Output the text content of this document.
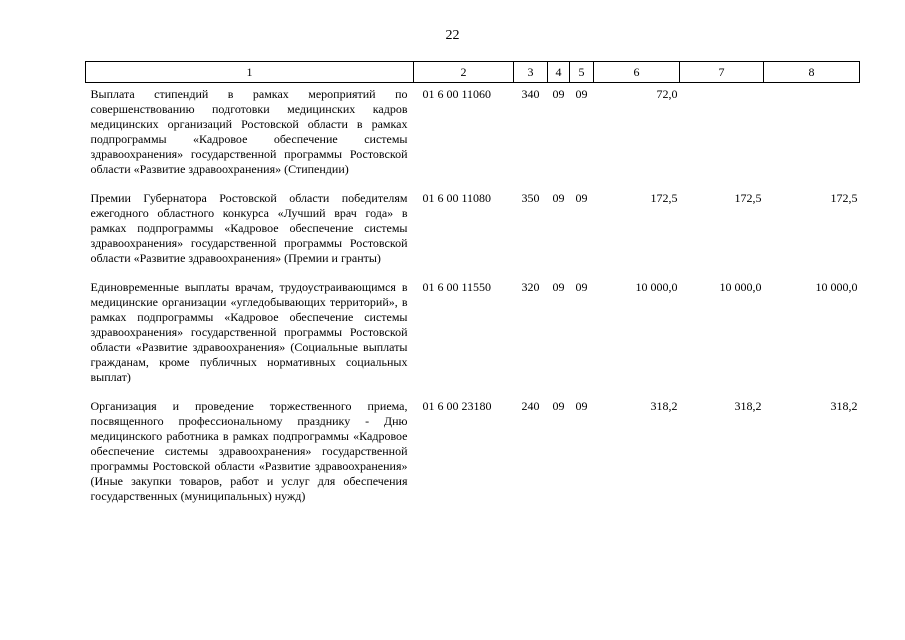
22
1	2	3	4	5	6	7	8
Выплата стипендий в рамках мероприятий по совершенствованию подготовки медицинских кадров медицинских организаций Ростовской области в рамках подпрограммы «Кадровое обеспечение системы здравоохранения» государственной программы Ростовской области «Развитие здравоохранения» (Стипендии)	01 6 00 11060	340	09	09	72,0		
Премии Губернатора Ростовской области победителям ежегодного областного конкурса «Лучший врач года» в рамках подпрограммы «Кадровое обеспечение системы здравоохранения» государственной программы Ростовской области «Развитие здравоохранения» (Премии и гранты)	01 6 00 11080	350	09	09	172,5	172,5	172,5
Единовременные выплаты врачам, трудоустраивающимся в медицинские организации «угледобывающих территорий», в рамках подпрограммы «Кадровое обеспечение системы здравоохранения» государственной программы Ростовской области «Развитие здравоохранения» (Социальные выплаты гражданам, кроме публичных нормативных социальных выплат)	01 6 00 11550	320	09	09	10 000,0	10 000,0	10 000,0
Организация и проведение торжественного приема, посвященного профессиональному празднику - Дню медицинского работника в рамках подпрограммы «Кадровое обеспечение системы здравоохранения» государственной программы Ростовской области «Развитие здравоохранения» (Иные закупки товаров, работ и услуг для обеспечения государственных (муниципальных) нужд)	01 6 00 23180	240	09	09	318,2	318,2	318,2
